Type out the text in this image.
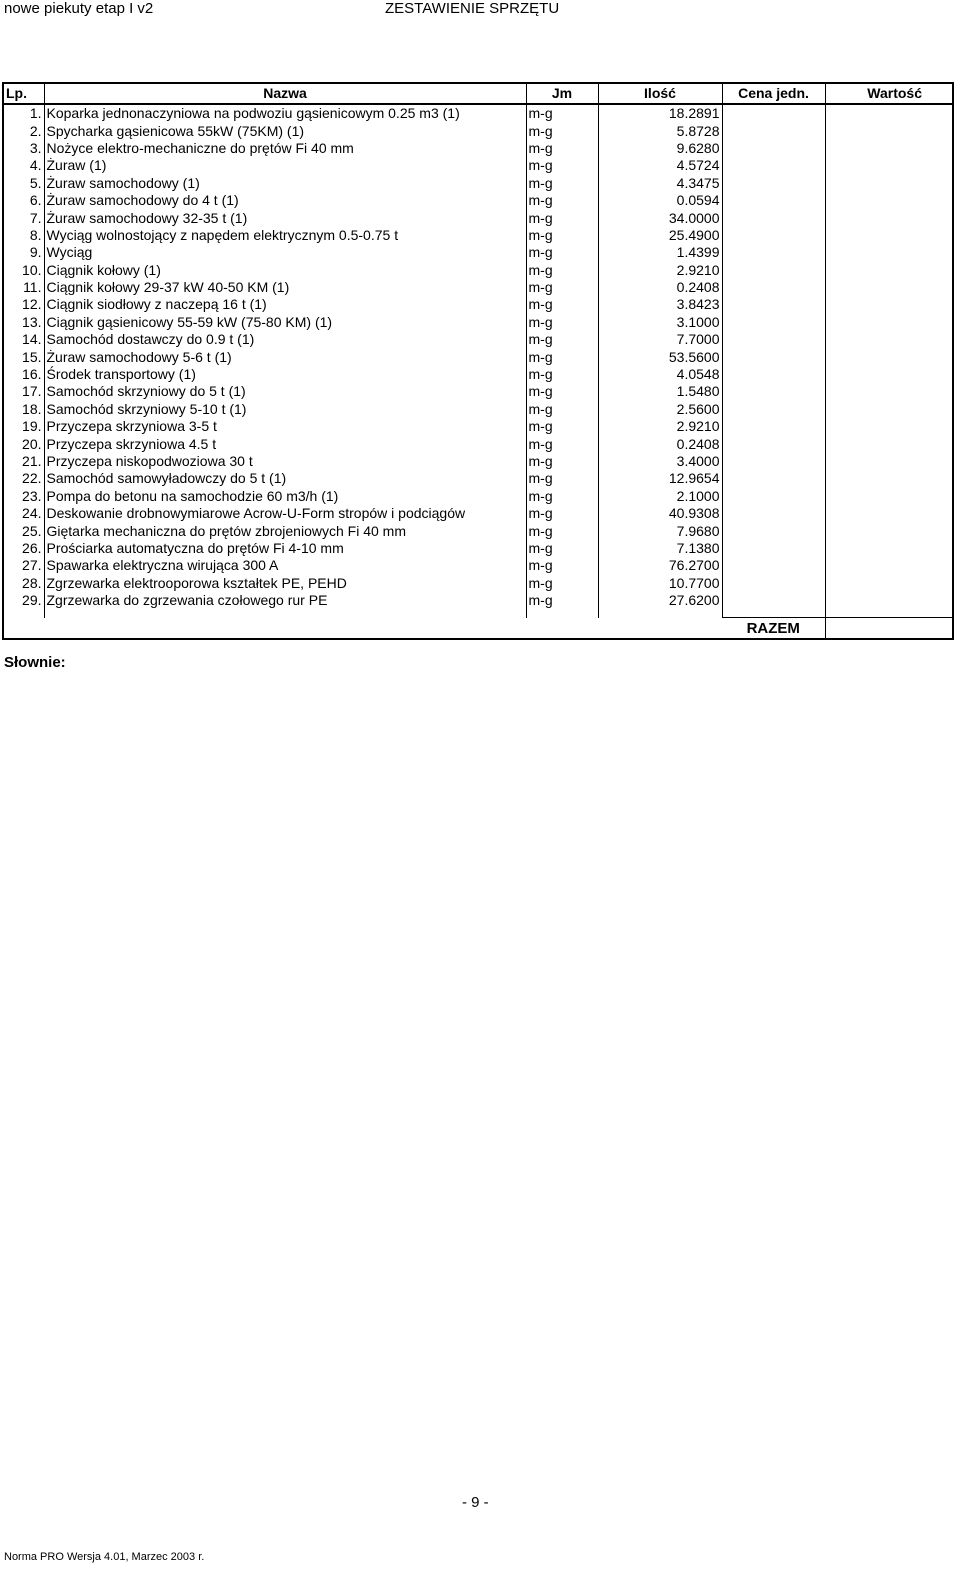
nowe piekuty etap I v2	ZESTAWIENIE SPRZĘTU
Lp.	Nazwa	Jm	Ilość	Cena jedn.	Wartość
1.	Koparka jednonaczyniowa na podwoziu gąsienicowym 0.25 m3 (1)	m-g	18.2891		
2.	Spycharka gąsienicowa 55kW (75KM) (1)	m-g	5.8728		
3.	Nożyce elektro-mechaniczne do prętów Fi 40 mm	m-g	9.6280		
4.	Żuraw (1)	m-g	4.5724		
5.	Żuraw samochodowy (1)	m-g	4.3475		
6.	Żuraw samochodowy do 4 t (1)	m-g	0.0594		
7.	Żuraw samochodowy 32-35 t (1)	m-g	34.0000		
8.	Wyciąg wolnostojący z napędem elektrycznym 0.5-0.75 t	m-g	25.4900		
9.	Wyciąg	m-g	1.4399		
10.	Ciągnik kołowy (1)	m-g	2.9210		
11.	Ciągnik kołowy 29-37 kW 40-50 KM (1)	m-g	0.2408		
12.	Ciągnik siodłowy z naczepą 16 t (1)	m-g	3.8423		
13.	Ciągnik gąsienicowy 55-59 kW (75-80 KM) (1)	m-g	3.1000		
14.	Samochód dostawczy do 0.9 t (1)	m-g	7.7000		
15.	Żuraw samochodowy 5-6 t (1)	m-g	53.5600		
16.	Środek transportowy (1)	m-g	4.0548		
17.	Samochód skrzyniowy do 5 t (1)	m-g	1.5480		
18.	Samochód skrzyniowy 5-10 t (1)	m-g	2.5600		
19.	Przyczepa skrzyniowa 3-5 t	m-g	2.9210		
20.	Przyczepa skrzyniowa 4.5 t	m-g	0.2408		
21.	Przyczepa niskopodwoziowa 30 t	m-g	3.4000		
22.	Samochód samowyładowczy do 5 t (1)	m-g	12.9654		
23.	Pompa do betonu na samochodzie 60 m3/h (1)	m-g	2.1000		
24.	Deskowanie drobnowymiarowe Acrow-U-Form stropów i podciągów	m-g	40.9308		
25.	Giętarka mechaniczna do prętów zbrojeniowych Fi 40 mm	m-g	7.9680		
26.	Prościarka automatyczna do prętów Fi 4-10 mm	m-g	7.1380		
27.	Spawarka elektryczna wirująca 300 A	m-g	76.2700		
28.	Zgrzewarka elektrooporowa kształtek PE, PEHD	m-g	10.7700		
29.	Zgrzewarka do zgrzewania czołowego rur PE	m-g	27.6200		

				RAZEM	
Słownie:
- 9 -
Norma PRO Wersja 4.01, Marzec 2003 r.
